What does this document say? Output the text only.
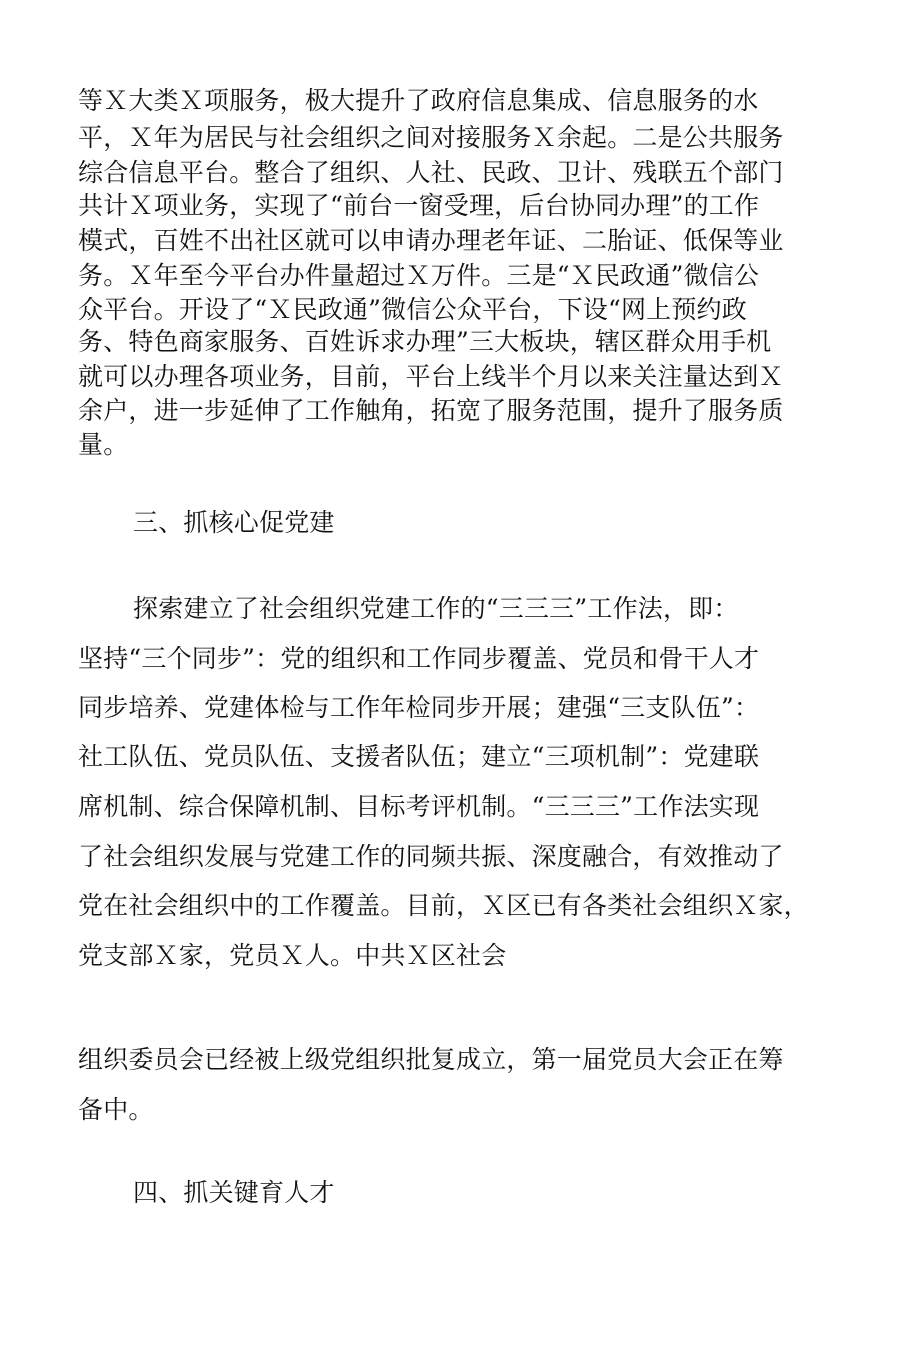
等Ｘ大类Ｘ项服务，极大提升了政府信息集成、信息服务的水
平，Ｘ年为居民与社会组织之间对接服务Ｘ余起。二是公共服务
综合信息平台。整合了组织、人社、民政、卫计、残联五个部门
共计Ｘ项业务，实现了“前台一窗受理，后台协同办理”的工作
模式，百姓不出社区就可以申请办理老年证、二胎证、低保等业
务。Ｘ年至今平台办件量超过Ｘ万件。三是“Ｘ民政通”微信公
众平台。开设了“Ｘ民政通”微信公众平台，下设“网上预约政
务、特色商家服务、百姓诉求办理”三大板块，辖区群众用手机
就可以办理各项业务，目前，平台上线半个月以来关注量达到Ｘ
余户，进一步延伸了工作触角，拓宽了服务范围，提升了服务质
量。
三、抓核心促党建
探索建立了社会组织党建工作的“三三三”工作法，即：
坚持“三个同步”：党的组织和工作同步覆盖、党员和骨干人才
同步培养、党建体检与工作年检同步开展；建强“三支队伍”：
社工队伍、党员队伍、支援者队伍；建立“三项机制”：党建联
席机制、综合保障机制、目标考评机制。“三三三”工作法实现
了社会组织发展与党建工作的同频共振、深度融合，有效推动了
党在社会组织中的工作覆盖。目前，Ｘ区已有各类社会组织Ｘ家，
党支部Ｘ家，党员Ｘ人。中共Ｘ区社会
组织委员会已经被上级党组织批复成立，第一届党员大会正在筹
备中。
四、抓关键育人才
